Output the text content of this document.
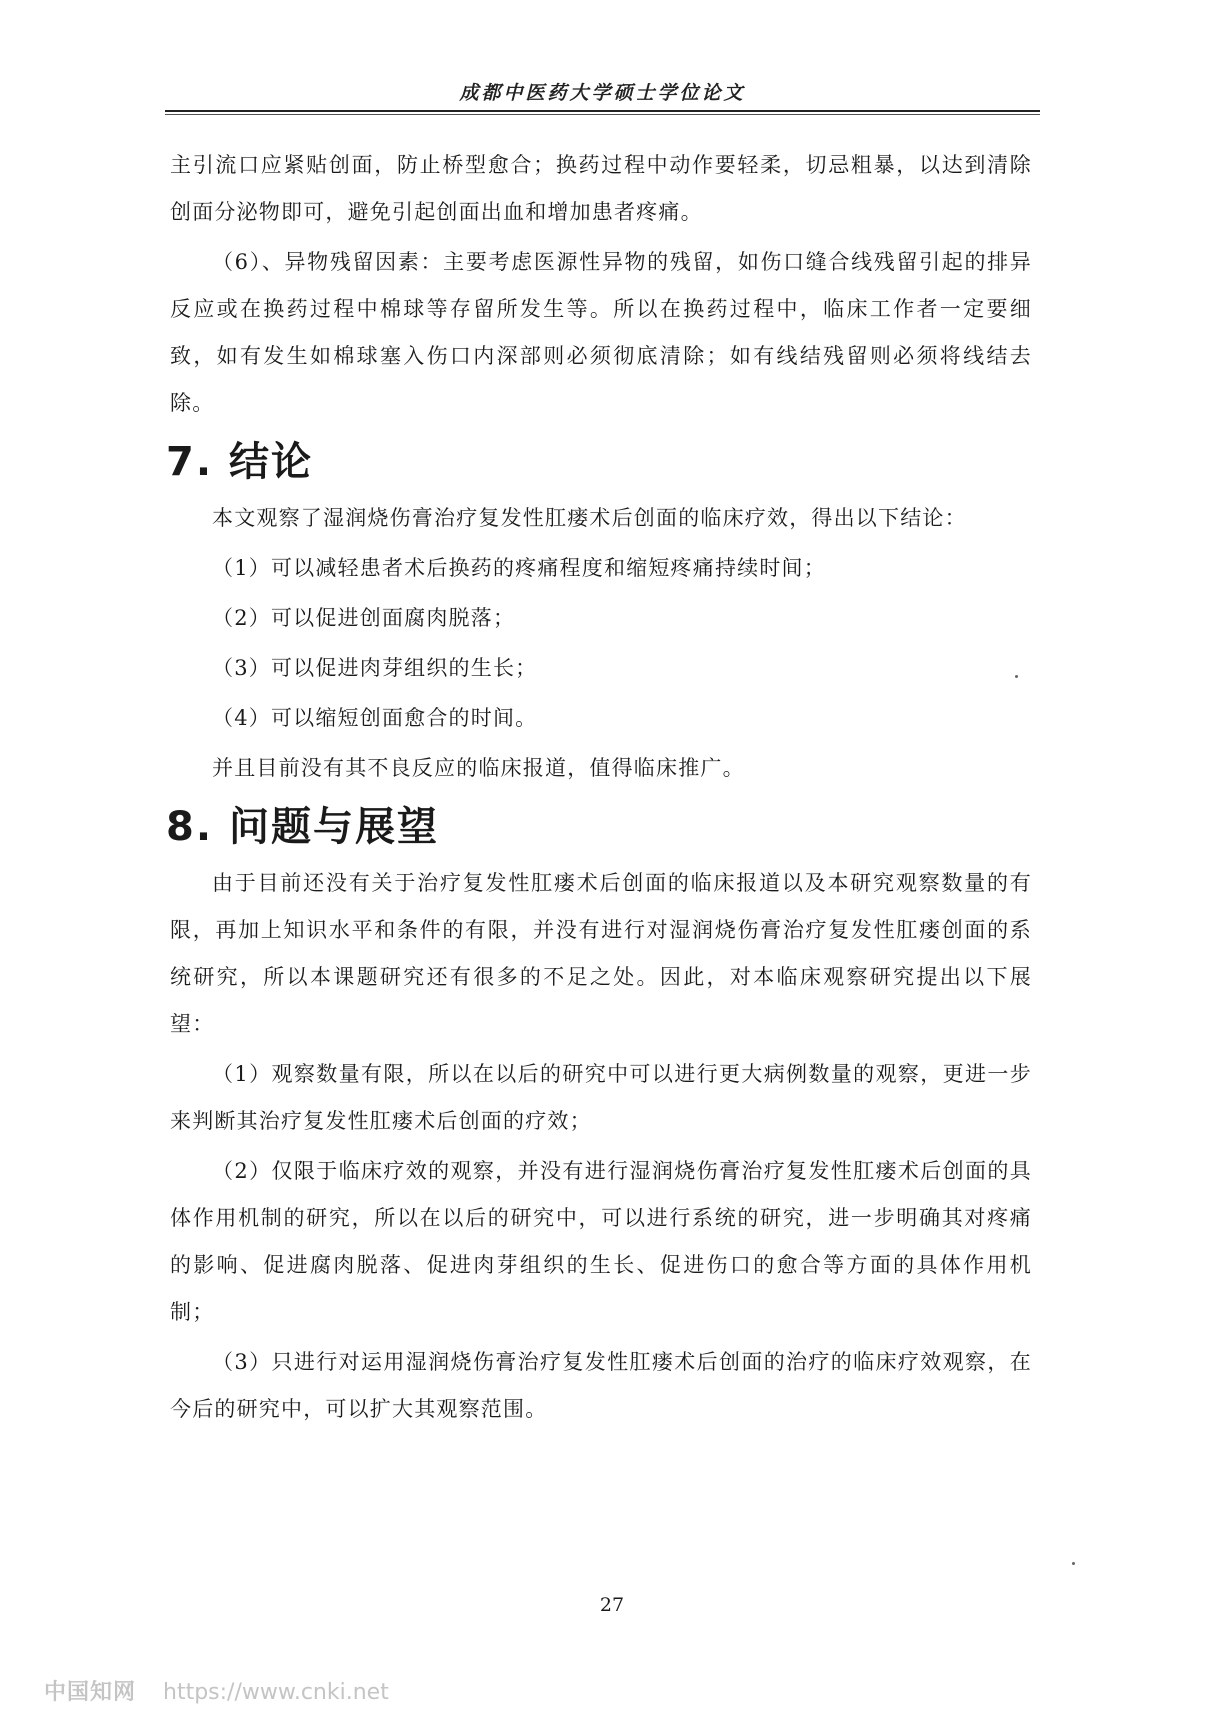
成都中医药大学硕士学位论文

主引流口应紧贴创面，防止桥型愈合；换药过程中动作要轻柔，切忌粗暴，以达到清除创面分泌物即可，避免引起创面出血和增加患者疼痛。

（6）、异物残留因素：主要考虑医源性异物的残留，如伤口缝合线残留引起的排异反应或在换药过程中棉球等存留所发生等。所以在换药过程中，临床工作者一定要细致，如有发生如棉球塞入伤口内深部则必须彻底清除；如有线结残留则必须将线结去除。

7. 结论

本文观察了湿润烧伤膏治疗复发性肛瘘术后创面的临床疗效，得出以下结论：

（1）可以减轻患者术后换药的疼痛程度和缩短疼痛持续时间；

（2）可以促进创面腐肉脱落；

（3）可以促进肉芽组织的生长；

（4）可以缩短创面愈合的时间。

并且目前没有其不良反应的临床报道，值得临床推广。

8. 问题与展望

由于目前还没有关于治疗复发性肛瘘术后创面的临床报道以及本研究观察数量的有限，再加上知识水平和条件的有限，并没有进行对湿润烧伤膏治疗复发性肛瘘创面的系统研究，所以本课题研究还有很多的不足之处。因此，对本临床观察研究提出以下展望：

（1）观察数量有限，所以在以后的研究中可以进行更大病例数量的观察，更进一步来判断其治疗复发性肛瘘术后创面的疗效；

（2）仅限于临床疗效的观察，并没有进行湿润烧伤膏治疗复发性肛瘘术后创面的具体作用机制的研究，所以在以后的研究中，可以进行系统的研究，进一步明确其对疼痛的影响、促进腐肉脱落、促进肉芽组织的生长、促进伤口的愈合等方面的具体作用机制；

（3）只进行对运用湿润烧伤膏治疗复发性肛瘘术后创面的治疗的临床疗效观察，在今后的研究中，可以扩大其观察范围。

27
中国知网 https://www.cnki.net
